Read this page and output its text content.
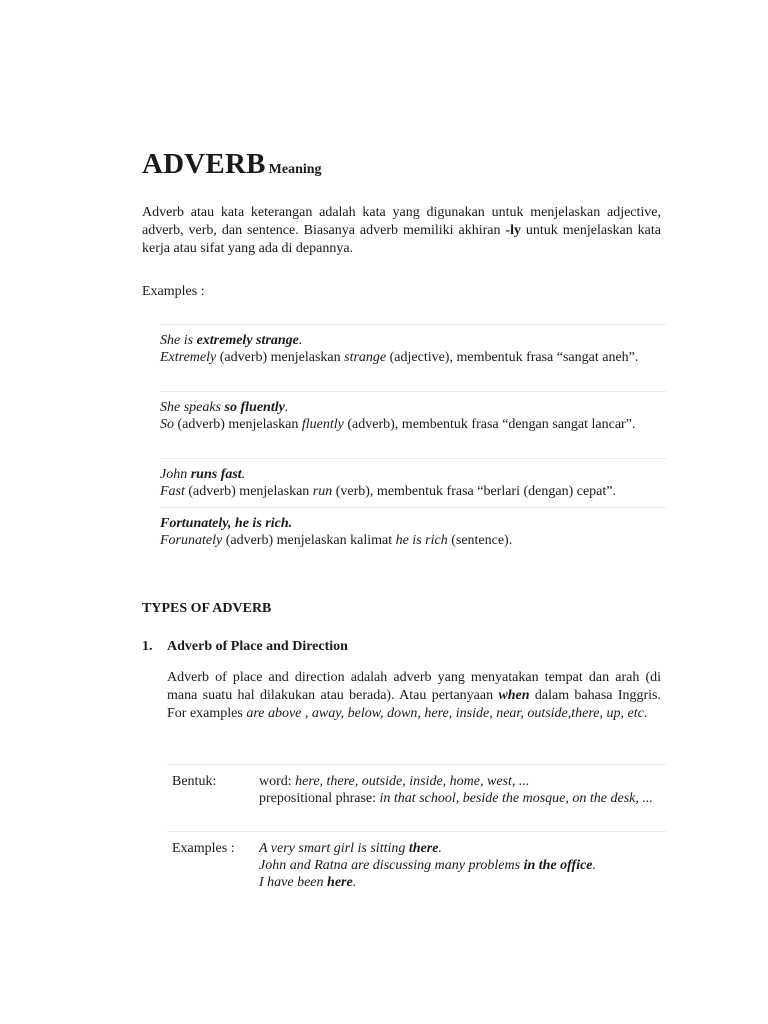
ADVERB Meaning
Adverb atau kata keterangan adalah kata yang digunakan untuk menjelaskan adjective, adverb, verb, dan sentence. Biasanya adverb memiliki akhiran -ly untuk menjelaskan kata kerja atau sifat yang ada di depannya.
Examples :
She is extremely strange.
Extremely (adverb) menjelaskan strange (adjective), membentuk frasa “sangat aneh”.
She speaks so fluently.
So (adverb) menjelaskan fluently (adverb), membentuk frasa “dengan sangat lancar”.
John runs fast.
Fast (adverb) menjelaskan run (verb), membentuk frasa “berlari (dengan) cepat”.
Fortunately, he is rich.
Forunately (adverb) menjelaskan kalimat he is rich (sentence).
TYPES OF ADVERB
1. Adverb of Place and Direction
Adverb of place and direction adalah adverb yang menyatakan tempat dan arah (di mana suatu hal dilakukan atau berada). Atau pertanyaan when dalam bahasa Inggris. For examples are above , away, below, down, here, inside, near, outside,there, up, etc.
Bentuk:	word: here, there, outside, inside, home, west, ...
prepositional phrase: in that school, beside the mosque, on the desk, ...
Examples : A very smart girl is sitting there.
John and Ratna are discussing many problems in the office.
I have been here.
